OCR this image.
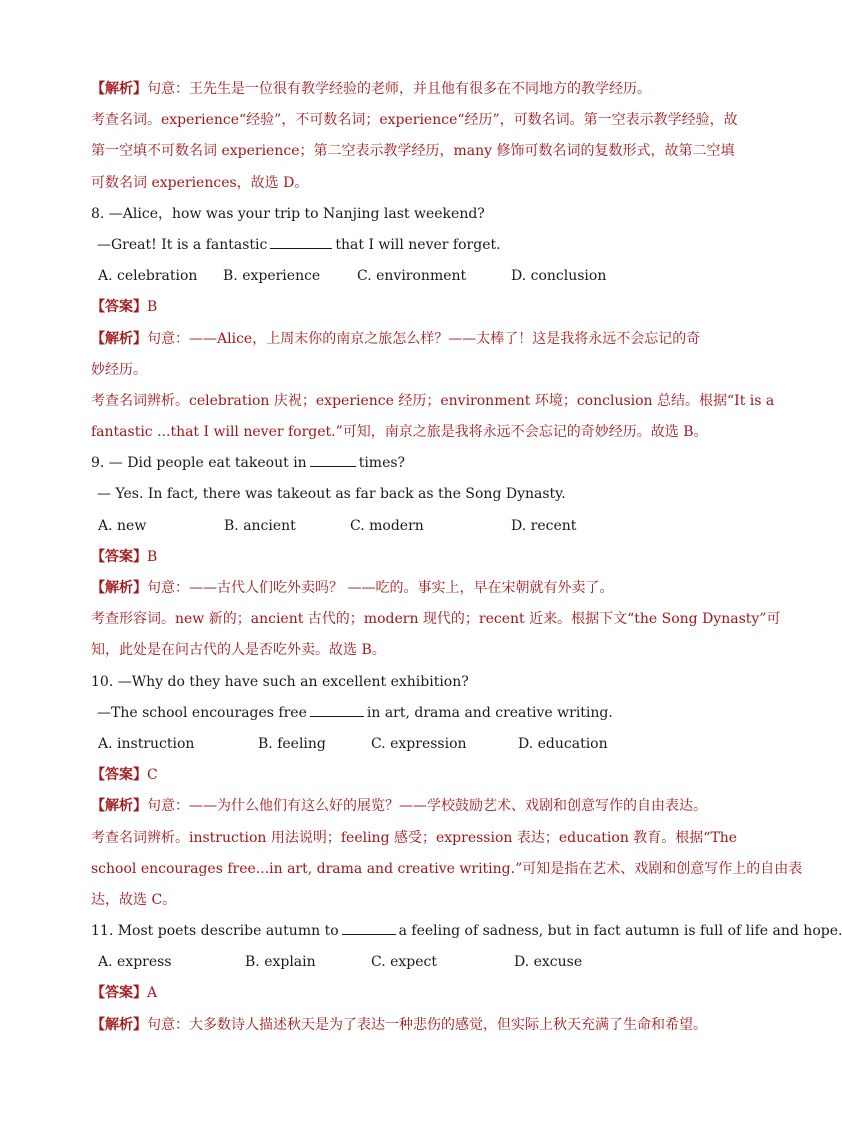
【解析】句意：王先生是一位很有教学经验的老师，并且他有很多在不同地方的教学经历。
考查名词。experience“经验”，不可数名词；experience“经历”，可数名词。第一空表示教学经验，故
第一空填不可数名词 experience；第二空表示教学经历，many 修饰可数名词的复数形式，故第二空填
可数名词 experiences，故选 D。
8. —Alice，how was your trip to Nanjing last weekend?
—Great! It is a fantastic	that I will never forget.
A. celebration	B. experience	C. environment	D. conclusion
【答案】B
【解析】句意：——Alice，上周末你的南京之旅怎么样？——太棒了！这是我将永远不会忘记的奇
妙经历。
考查名词辨析。celebration 庆祝；experience 经历；environment 环境；conclusion 总结。根据“It is a
fantastic ...that I will never forget.”可知，南京之旅是我将永远不会忘记的奇妙经历。故选 B。
9. — Did people eat takeout in	times?
— Yes. In fact, there was takeout as far back as the Song Dynasty.
A. new	B. ancient	C. modern	D. recent
【答案】B
【解析】句意：——古代人们吃外卖吗？ ——吃的。事实上，早在宋朝就有外卖了。
考查形容词。new 新的；ancient 古代的；modern 现代的；recent 近来。根据下文“the Song Dynasty”可
知，此处是在问古代的人是否吃外卖。故选 B。
10. —Why do they have such an excellent exhibition?
—The school encourages free	in art, drama and creative writing.
A. instruction	B. feeling	C. expression	D. education
【答案】C
【解析】句意：——为什么他们有这么好的展览？——学校鼓励艺术、戏剧和创意写作的自由表达。
考查名词辨析。instruction 用法说明；feeling 感受；expression 表达；education 教育。根据“The
school encourages free...in art, drama and creative writing.”可知是指在艺术、戏剧和创意写作上的自由表
达，故选 C。
11. Most poets describe autumn to	a feeling of sadness, but in fact autumn is full of life and hope.
A. express	B. explain	C. expect	D. excuse
【答案】A
【解析】句意：大多数诗人描述秋天是为了表达一种悲伤的感觉，但实际上秋天充满了生命和希望。
